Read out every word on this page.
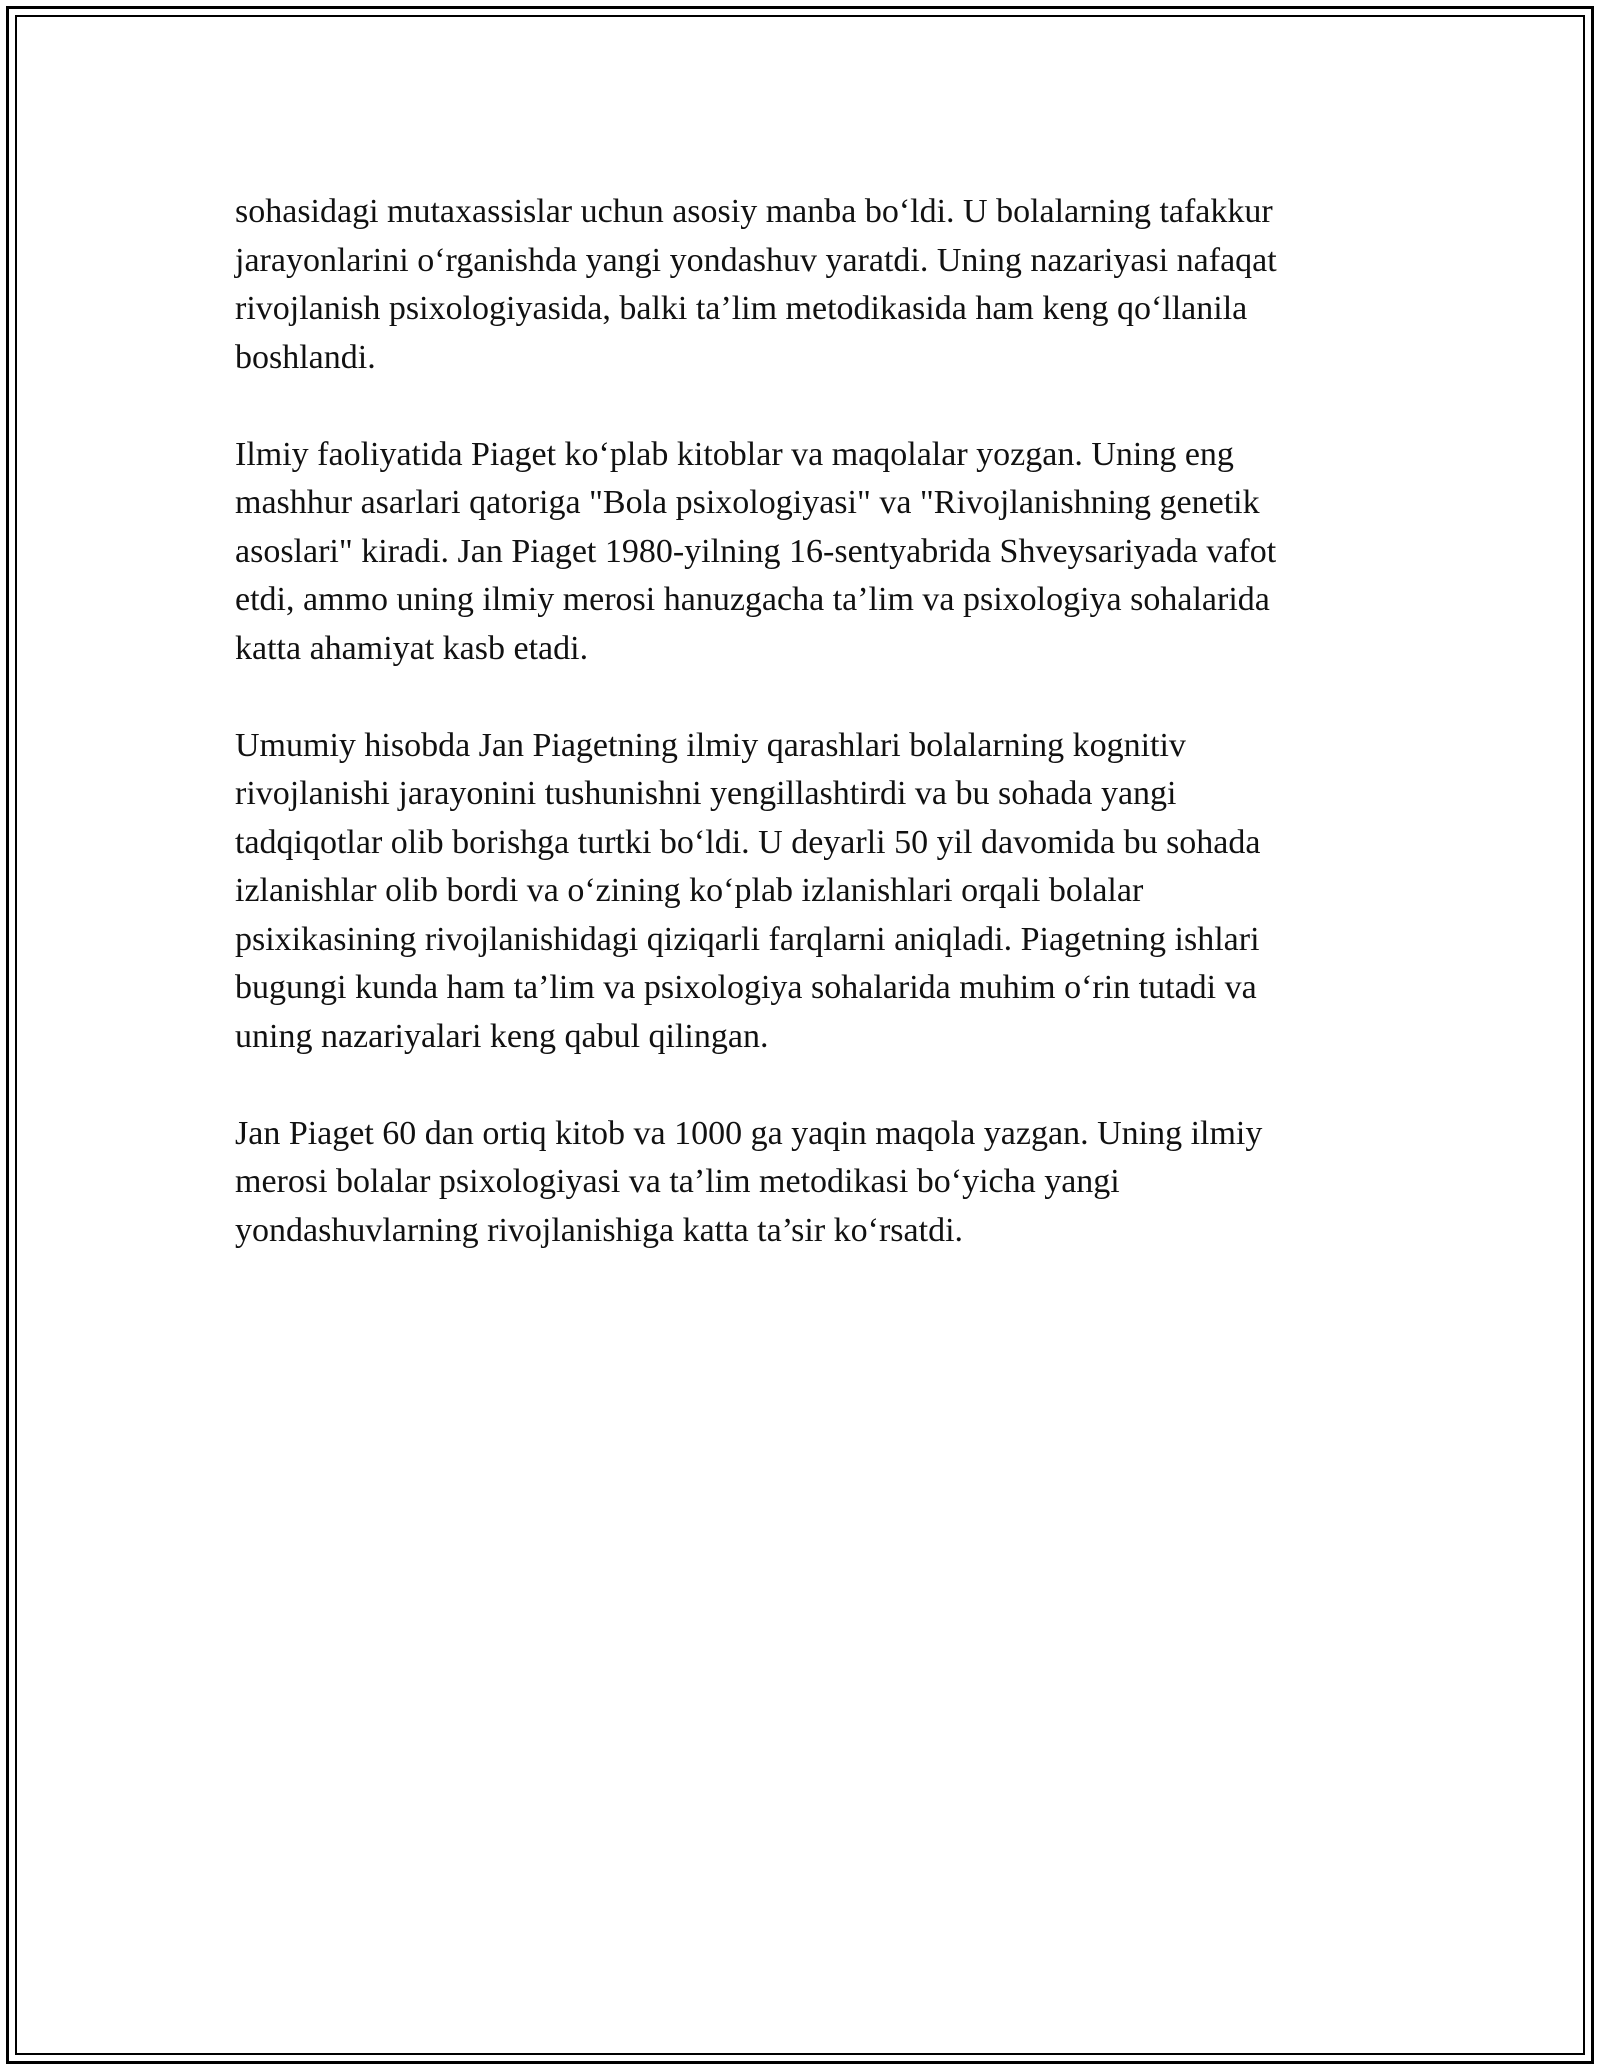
sohasidagi mutaxassislar uchun asosiy manba bo‘ldi. U bolalarning tafakkur
jarayonlarini o‘rganishda yangi yondashuv yaratdi. Uning nazariyasi nafaqat
rivojlanish psixologiyasida, balki ta’lim metodikasida ham keng qo‘llanila
boshlandi.

Ilmiy faoliyatida Piaget ko‘plab kitoblar va maqolalar yozgan. Uning eng
mashhur asarlari qatoriga "Bola psixologiyasi" va "Rivojlanishning genetik
asoslari" kiradi. Jan Piaget 1980-yilning 16-sentyabrida Shveysariyada vafot
etdi, ammo uning ilmiy merosi hanuzgacha ta’lim va psixologiya sohalarida
katta ahamiyat kasb etadi.

Umumiy hisobda Jan Piagetning ilmiy qarashlari bolalarning kognitiv
rivojlanishi jarayonini tushunishni yengillashtirdi va bu sohada yangi
tadqiqotlar olib borishga turtki bo‘ldi. U deyarli 50 yil davomida bu sohada
izlanishlar olib bordi va o‘zining ko‘plab izlanishlari orqali bolalar
psixikasining rivojlanishidagi qiziqarli farqlarni aniqladi. Piagetning ishlari
bugungi kunda ham ta’lim va psixologiya sohalarida muhim o‘rin tutadi va
uning nazariyalari keng qabul qilingan.

Jan Piaget 60 dan ortiq kitob va 1000 ga yaqin maqola yazgan. Uning ilmiy
merosi bolalar psixologiyasi va ta’lim metodikasi bo‘yicha yangi
yondashuvlarning rivojlanishiga katta ta’sir ko‘rsatdi.
